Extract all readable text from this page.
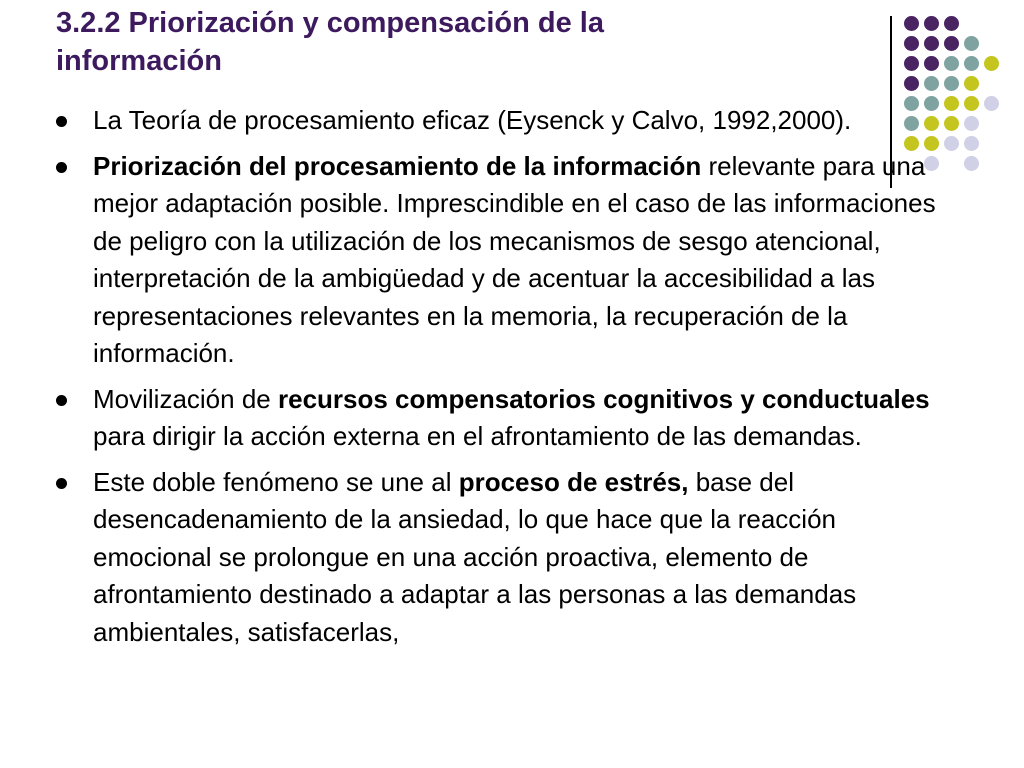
3.2.2 Priorización y compensación de la
información
La Teoría de procesamiento eficaz (Eysenck y Calvo, 1992,2000).
Priorización del procesamiento de la información relevante para una mejor adaptación posible. Imprescindible en el caso de las informaciones de peligro con la utilización de los mecanismos de sesgo atencional, interpretación de la ambigüedad y de acentuar la accesibilidad a las representaciones relevantes en la memoria, la recuperación de la información.
Movilización de recursos compensatorios cognitivos y conductuales para dirigir la acción externa en el afrontamiento de las demandas.
Este doble fenómeno se une al proceso de estrés, base del desencadenamiento de la ansiedad, lo que hace que la reacción emocional se prolongue en una acción proactiva, elemento de afrontamiento destinado a adaptar a las personas a las demandas ambientales, satisfacerlas,
